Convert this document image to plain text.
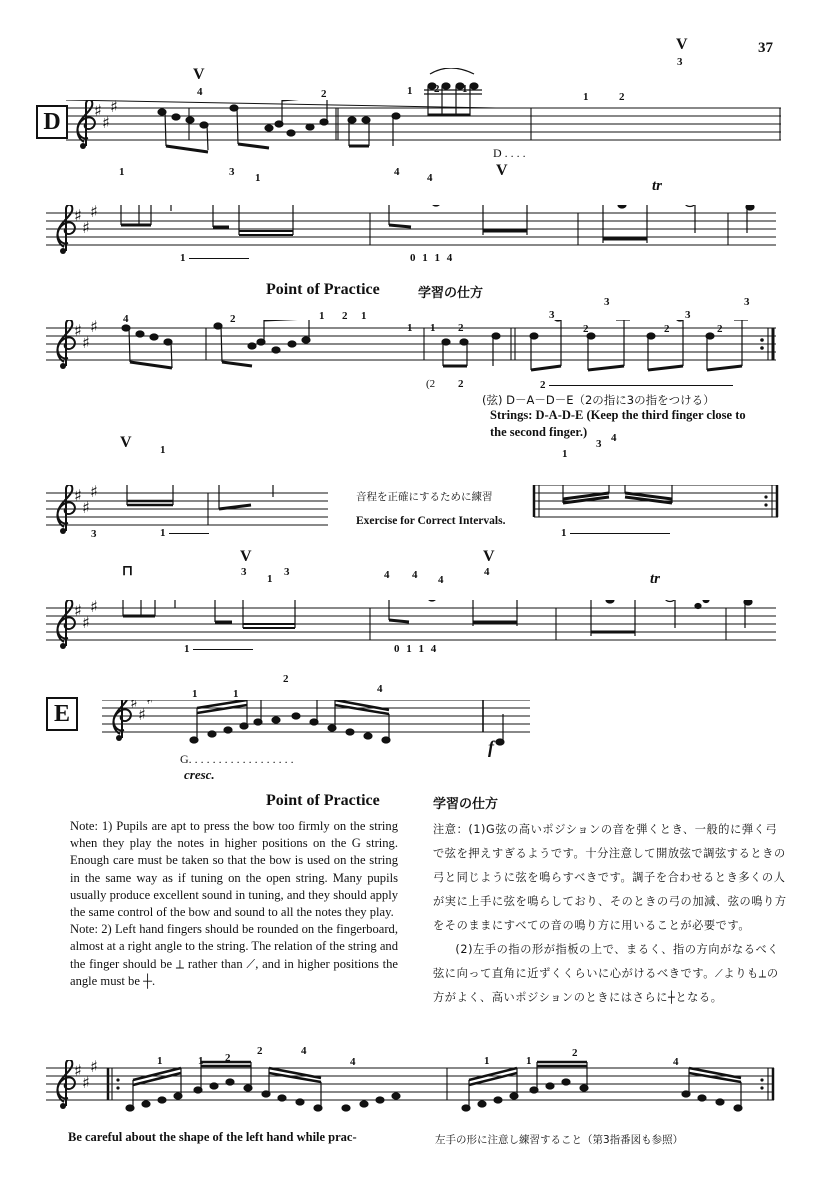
37
D
V
4	2	1 2 1
1	2
V
3
D . . . .
1	3 1	4	4	V
tr
1	0 1 1 4
Point of Practice	学習の仕方
4	2	1 2 1
1 1 2
3
2
3
2
3
2
3
(2 2	2
(弦) D－A－D－E（2の指に3の指をつける）
Strings: D-A-D-E (Keep the third finger close to
the second finger.)
V	1
3	1
音程を正確にするために練習
Exercise for Correct Intervals.
1
3 4
1
⊓
V
3
1
3	4 4 4
V
4	tr
1	0 1 1 4
E
1	1
2
4
G. . . . . . . . . . . . . . . . . .
cresc.
f
Point of Practice	学習の仕方
Note: 1) Pupils are apt to press the bow too firmly on the string when they play the notes in higher positions on the G string. Enough care must be taken so that the bow is used on the string in the same way as if tuning on the open string. Many pupils usually produce excellent sound in tuning, and they should apply the same control of the bow and sound to all the notes they play.
Note: 2) Left hand fingers should be rounded on the fingerboard, almost at a right angle to the string. The relation of the string and the finger should be ⟂ rather than ⟋, and in higher positions the angle must be ┼.
注意：(1)G弦の高いポジションの音を弾くとき、一般的に弾く弓で弦を押えすぎるようです。十分注意して開放弦で調弦するときの弓と同じように弦を鳴らすべきです。調子を合わせるとき多くの人が実に上手に弦を鳴らしており、そのときの弓の加減、弦の鳴り方をそのままにすべての音の鳴り方に用いることが必要です。
(2)左手の指の形が指板の上で、まるく、指の方向がなるべく弦に向って直角に近ずくくらいに心がけるべきです。⟋よりも⟂の方がよく、高いポジションのときにはさらに┼となる。
1	1 2
2	4
4	1	1
2
4
Be careful about the shape of the left hand while prac-	左手の形に注意し練習すること（第3指番図も参照）
